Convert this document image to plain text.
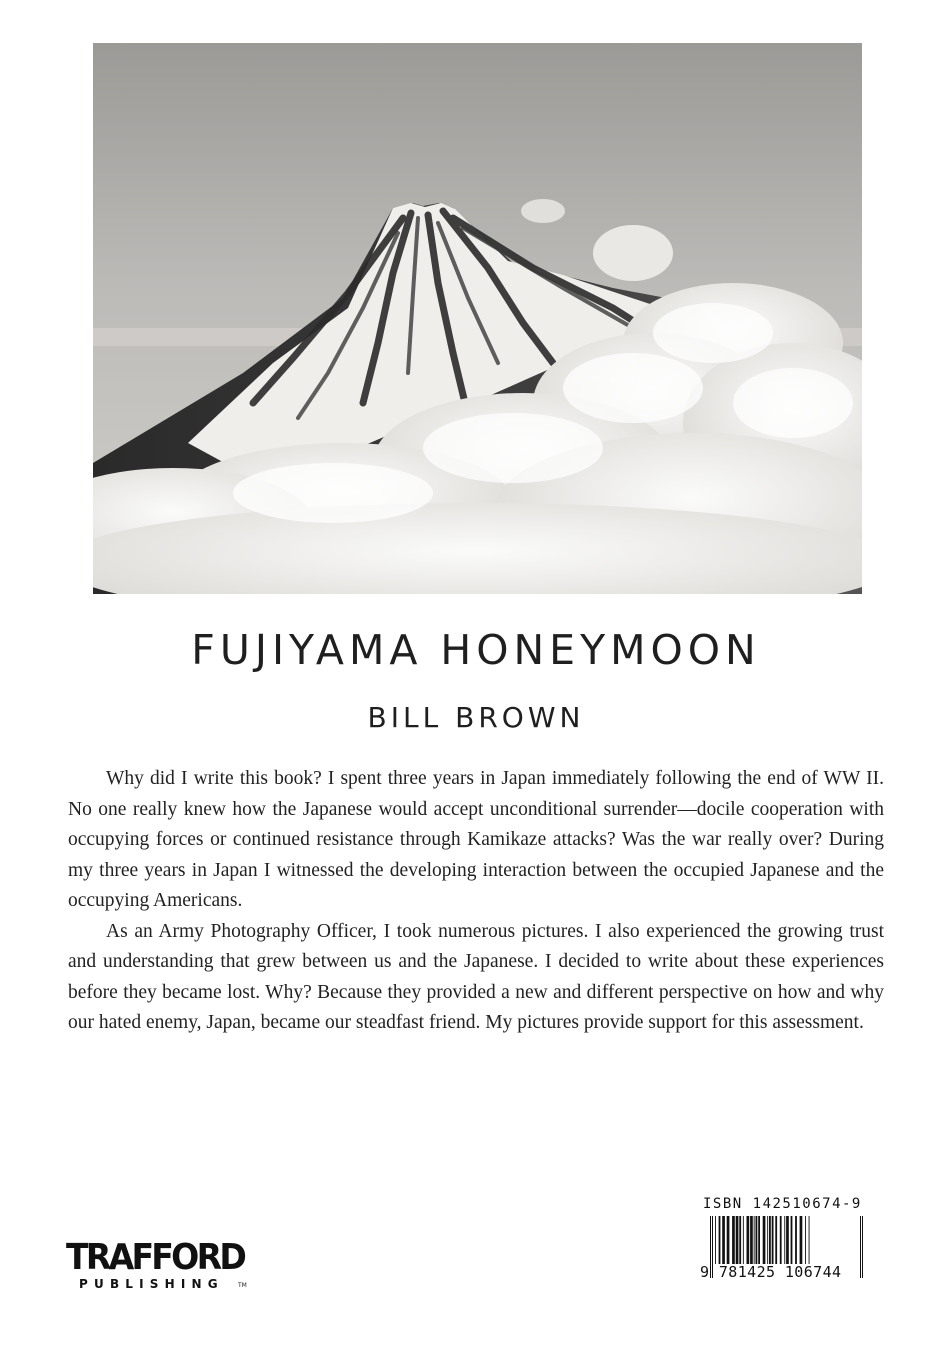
FUJIYAMA HONEYMOON
BILL BROWN

Why did I write this book? I spent three years in Japan immediately following the end of WW II. No one really knew how the Japanese would accept unconditional surrender—docile cooperation with occupying forces or continued resistance through Kamikaze attacks? Was the war really over? During my three years in Japan I witnessed the developing interaction between the occupied Japanese and the occupying Americans.

As an Army Photography Officer, I took numerous pictures. I also experienced the growing trust and understanding that grew between us and the Japanese. I decided to write about these experiences before they became lost. Why? Because they provided a new and different perspective on how and why our hated enemy, Japan, became our steadfast friend. My pictures provide support for this assessment.

TRAFFORD
PUBLISHING	TM
ISBN 142510674-9
9 781425 106744
